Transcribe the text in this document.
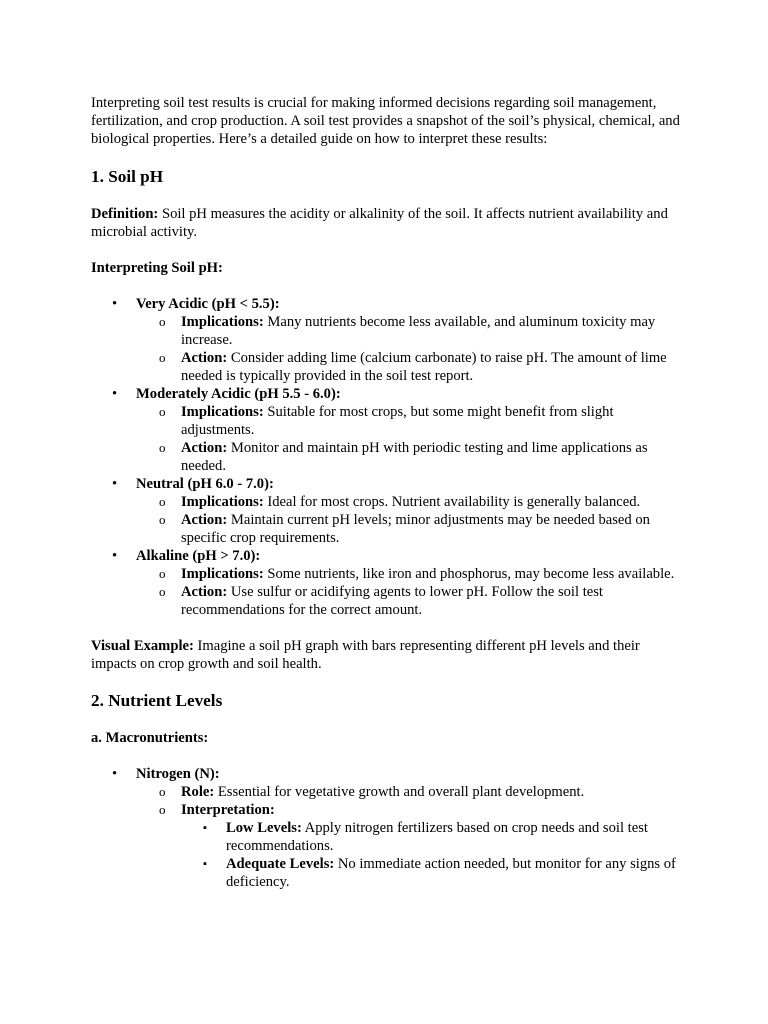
Interpreting soil test results is crucial for making informed decisions regarding soil management, fertilization, and crop production. A soil test provides a snapshot of the soil’s physical, chemical, and biological properties. Here’s a detailed guide on how to interpret these results:

1. Soil pH

Definition: Soil pH measures the acidity or alkalinity of the soil. It affects nutrient availability and microbial activity.

Interpreting Soil pH:

• Very Acidic (pH < 5.5):
o Implications: Many nutrients become less available, and aluminum toxicity may increase.
o Action: Consider adding lime (calcium carbonate) to raise pH. The amount of lime needed is typically provided in the soil test report.
• Moderately Acidic (pH 5.5 - 6.0):
o Implications: Suitable for most crops, but some might benefit from slight adjustments.
o Action: Monitor and maintain pH with periodic testing and lime applications as needed.
• Neutral (pH 6.0 - 7.0):
o Implications: Ideal for most crops. Nutrient availability is generally balanced.
o Action: Maintain current pH levels; minor adjustments may be needed based on specific crop requirements.
• Alkaline (pH > 7.0):
o Implications: Some nutrients, like iron and phosphorus, may become less available.
o Action: Use sulfur or acidifying agents to lower pH. Follow the soil test recommendations for the correct amount.

Visual Example: Imagine a soil pH graph with bars representing different pH levels and their impacts on crop growth and soil health.

2. Nutrient Levels

a. Macronutrients:

• Nitrogen (N):
o Role: Essential for vegetative growth and overall plant development.
o Interpretation:
▪ Low Levels: Apply nitrogen fertilizers based on crop needs and soil test recommendations.
▪ Adequate Levels: No immediate action needed, but monitor for any signs of deficiency.
